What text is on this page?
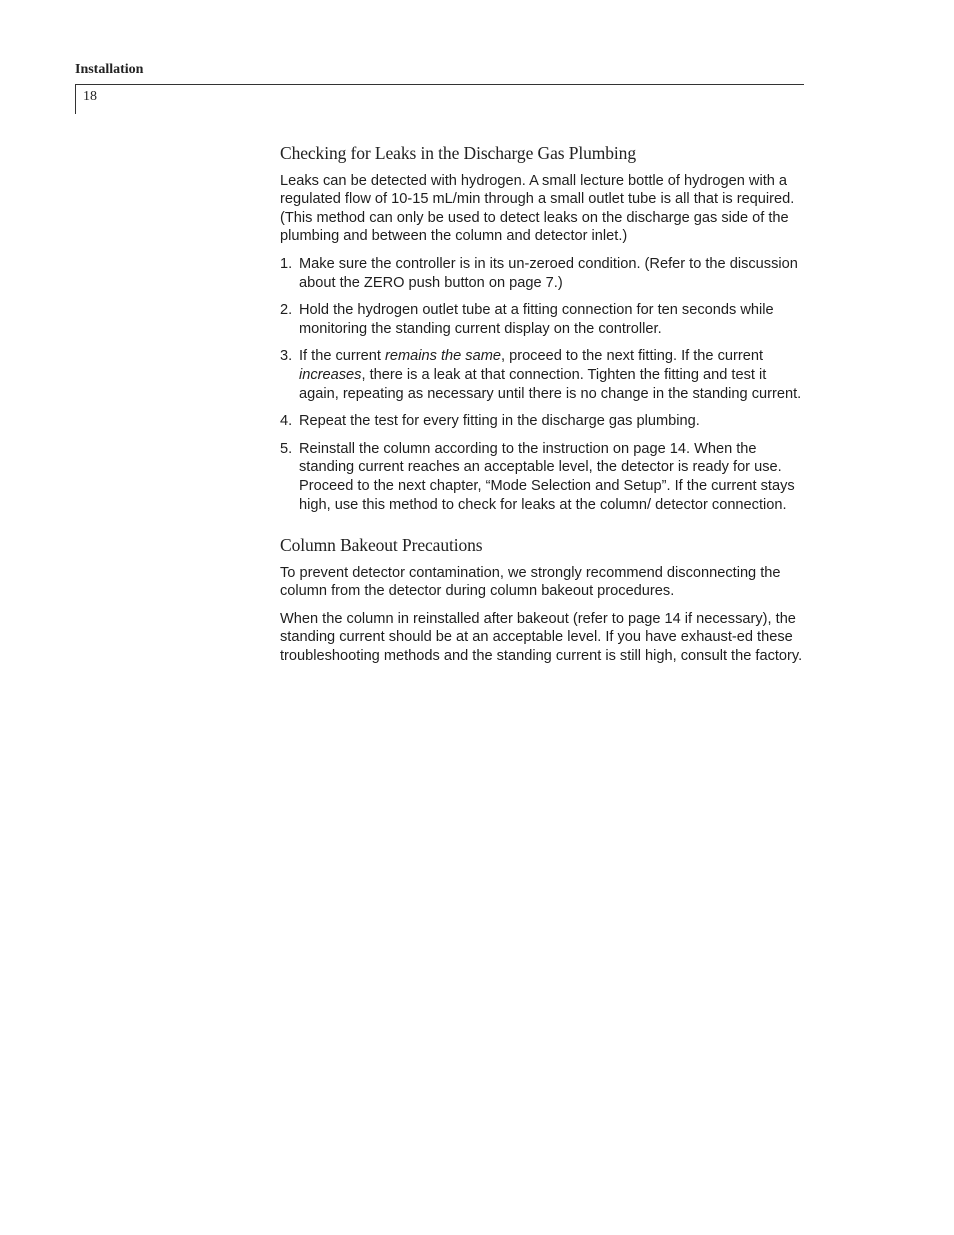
Installation
18
Checking for Leaks in the Discharge Gas Plumbing

Leaks can be detected with hydrogen. A small lecture bottle of hydrogen with a regulated flow of 10-15 mL/min through a small outlet tube is all that is required. (This method can only be used to detect leaks on the discharge gas side of the plumbing and between the column and detector inlet.)

1. Make sure the controller is in its un-zeroed condition. (Refer to the discussion about the ZERO push button on page 7.)
2. Hold the hydrogen outlet tube at a fitting connection for ten seconds while monitoring the standing current display on the controller.
3. If the current remains the same, proceed to the next fitting. If the current increases, there is a leak at that connection. Tighten the fitting and test it again, repeating as necessary until there is no change in the standing current.
4. Repeat the test for every fitting in the discharge gas plumbing.
5. Reinstall the column according to the instruction on page 14. When the standing current reaches an acceptable level, the detector is ready for use. Proceed to the next chapter, “Mode Selection and Setup”. If the current stays high, use this method to check for leaks at the column/ detector connection.
Column Bakeout Precautions

To prevent detector contamination, we strongly recommend disconnecting the column from the detector during column bakeout procedures.

When the column in reinstalled after bakeout (refer to page 14 if necessary), the standing current should be at an acceptable level. If you have exhaust-ed these troubleshooting methods and the standing current is still high, consult the factory.
